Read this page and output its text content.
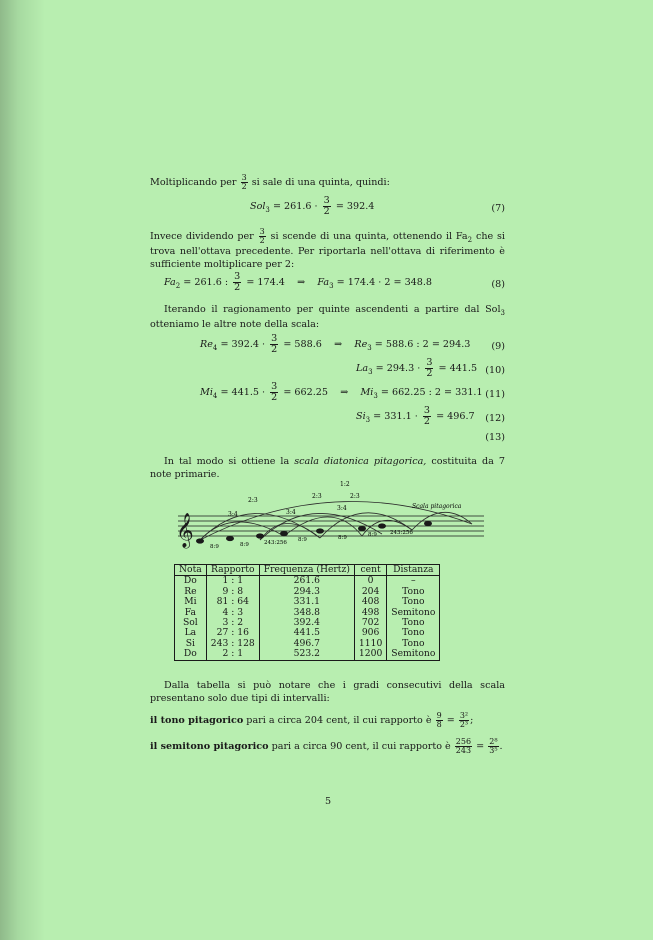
Moltiplicando per $\frac{3}{2}$ si sale di una quinta, quindi:
$Sol_3 = 261.6 \cdot \frac{3}{2} = 392.4$	(7)
Invece dividendo per $\frac{3}{2}$ si scende di una quinta, ottenendo il $Fa_2$ che si trova nell'ottava precedente. Per riportarla nell'ottava di riferimento è sufficiente moltiplicare per 2:
$Fa_2 = 261.6$ : $\frac{3}{2} = 174.4$ ⇒ $Fa_3 = 174.4 \cdot 2 = 348.8$	(8)
Iterando il ragionamento per quinte ascendenti a partire dal Sol$_3$ otteniamo le altre note della scala:
$Re_4 = 392.4 \cdot \frac{3}{2} = 588.6$ ⇒ $Re_3 = 588.6$ : 2 = 294.3	(9)
$La_3 = 294.3 \cdot \frac{3}{2} = 441.5$ (10)
$Mi_4 = 441.5 \cdot \frac{3}{2} = 662.25$ ⇒ $Mi_3 = 662.25$ : 2 = 331.1 (11)
$Si_3 = 331.1 \cdot \frac{3}{2} = 496.7$ (12)
(13)
In tal modo si ottiene la scala diatonica pitagorica, costituita da 7 note primarie.
𝄞
1:2
2:3
2:3	2:3
3:4	3:4
3:4	Scala pitagorica
8:9	8:9	243:256 8:9	8:9	8:9 243:256
Nota	Rapporto	Frequenza (Hertz)	cent	Distanza
Do	1 : 1	261.6	0	–
Re	9 : 8	294.3	204	Tono
Mi	81 : 64	331.1	408	Tono
Fa	4 : 3	348.8	498	Semitono
Sol	3 : 2	392.4	702	Tono
La	27 : 16	441.5	906	Tono
Si	243 : 128	496.7	1110	Tono
Do	2 : 1	523.2	1200	Semitono
Dalla tabella si può notare che i gradi consecutivi della scala presentano solo due tipi di intervalli:
il tono pitagorico pari a circa 204 cent, il cui rapporto è $\frac{9}{8} = \frac{\text{3²}}{\text{2³}}$ ;
il semitono pitagorico pari a circa 90 cent, il cui rapporto è $\frac{256}{243} = \frac{\text{2⁸}}{\text{3⁵}}$ .
5
